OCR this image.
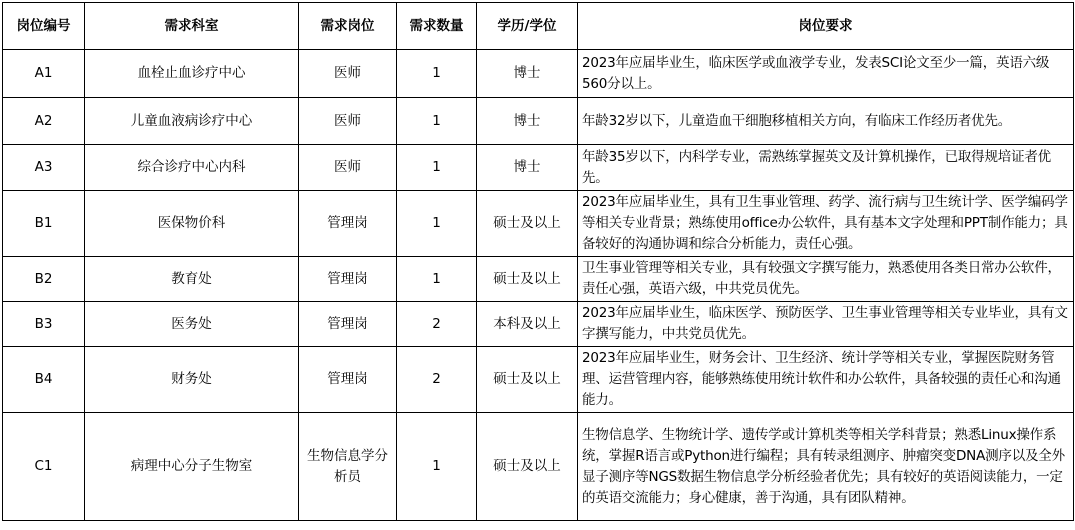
岗位编号	需求科室	需求岗位	需求数量	学历/学位	岗位要求
A1	血栓止血诊疗中心	医师	1	博士	2023年应届毕业生，临床医学或血液学专业，发表SCI论文至少一篇，英语六级560分以上。
A2	儿童血液病诊疗中心	医师	1	博士	年龄32岁以下，儿童造血干细胞移植相关方向，有临床工作经历者优先。
A3	综合诊疗中心内科	医师	1	博士	年龄35岁以下，内科学专业，需熟练掌握英文及计算机操作，已取得规培证者优先。
B1	医保物价科	管理岗	1	硕士及以上	2023年应届毕业生，具有卫生事业管理、药学、流行病与卫生统计学、医学编码学等相关专业背景；熟练使用office办公软件，具有基本文字处理和PPT制作能力；具备较好的沟通协调和综合分析能力，责任心强。
B2	教育处	管理岗	1	硕士及以上	卫生事业管理等相关专业，具有较强文字撰写能力，熟悉使用各类日常办公软件，责任心强，英语六级，中共党员优先。
B3	医务处	管理岗	2	本科及以上	2023年应届毕业生，临床医学、预防医学、卫生事业管理等相关专业毕业，具有文字撰写能力，中共党员优先。
B4	财务处	管理岗	2	硕士及以上	2023年应届毕业生，财务会计、卫生经济、统计学等相关专业，掌握医院财务管理、运营管理内容，能够熟练使用统计软件和办公软件，具备较强的责任心和沟通能力。
C1	病理中心分子生物室	生物信息学分析员	1	硕士及以上	生物信息学、生物统计学、遗传学或计算机类等相关学科背景；熟悉Linux操作系统，掌握R语言或Python进行编程；具有转录组测序、肿瘤突变DNA测序以及全外显子测序等NGS数据生物信息学分析经验者优先；具有较好的英语阅读能力，一定的英语交流能力；身心健康，善于沟通，具有团队精神。
